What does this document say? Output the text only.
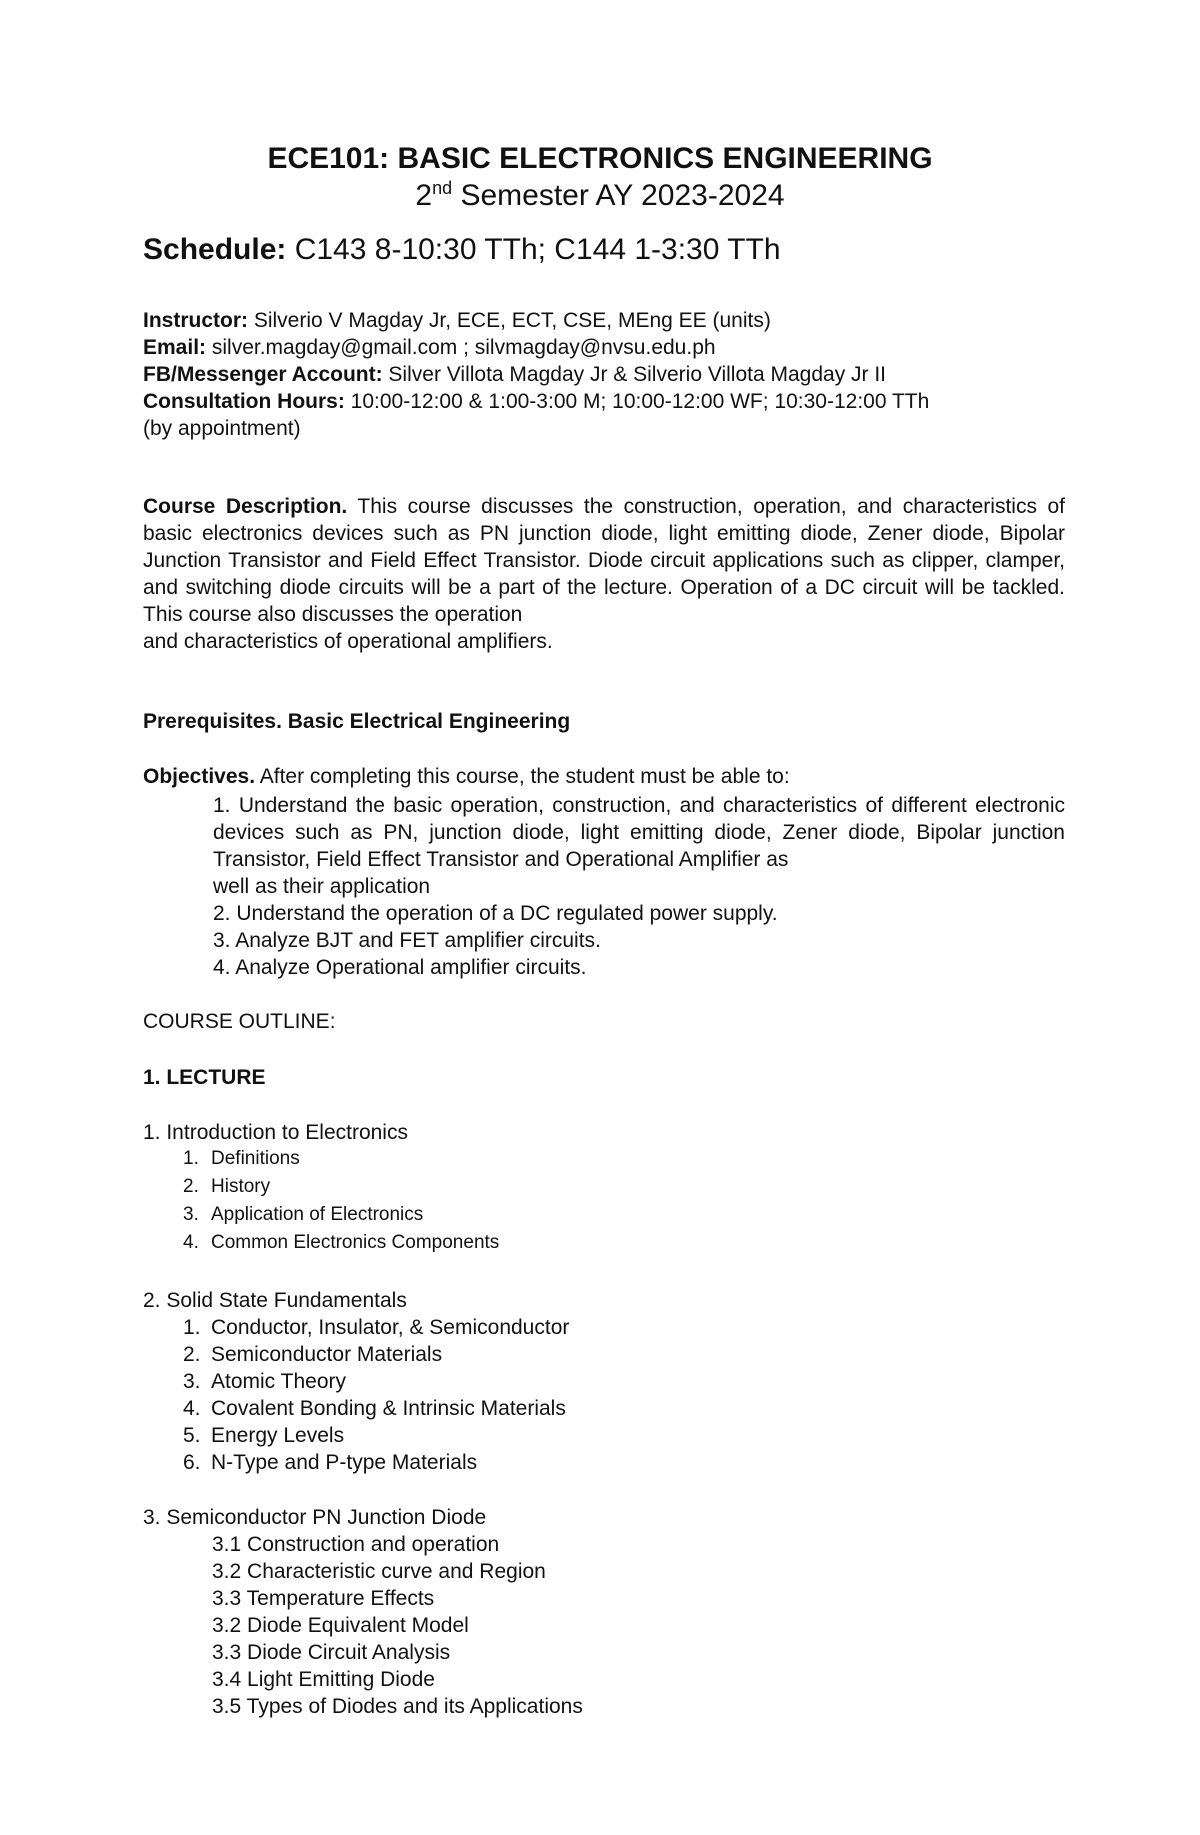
ECE101: BASIC ELECTRONICS ENGINEERING
2nd Semester AY 2023-2024
Schedule: C143 8-10:30 TTh; C144 1-3:30 TTh
Instructor: Silverio V Magday Jr, ECE, ECT, CSE, MEng EE (units)
Email: silver.magday@gmail.com ; silvmagday@nvsu.edu.ph
FB/Messenger Account: Silver Villota Magday Jr & Silverio Villota Magday Jr II
Consultation Hours: 10:00-12:00 & 1:00-3:00 M; 10:00-12:00 WF; 10:30-12:00 TTh
(by appointment)
Course Description. This course discusses the construction, operation, and characteristics of basic electronics devices such as PN junction diode, light emitting diode, Zener diode, Bipolar Junction Transistor and Field Effect Transistor. Diode circuit applications such as clipper, clamper, and switching diode circuits will be a part of the lecture. Operation of a DC circuit will be tackled. This course also discusses the operation
and characteristics of operational amplifiers.
Prerequisites. Basic Electrical Engineering
Objectives. After completing this course, the student must be able to:
1. Understand the basic operation, construction, and characteristics of different electronic devices such as PN, junction diode, light emitting diode, Zener diode, Bipolar junction Transistor, Field Effect Transistor and Operational Amplifier as
well as their application
2. Understand the operation of a DC regulated power supply.
3. Analyze BJT and FET amplifier circuits.
4. Analyze Operational amplifier circuits.
COURSE OUTLINE:
1. LECTURE
1. Introduction to Electronics
1. Definitions
2. History
3. Application of Electronics
4. Common Electronics Components
2. Solid State Fundamentals
1. Conductor, Insulator, & Semiconductor
2. Semiconductor Materials
3. Atomic Theory
4. Covalent Bonding & Intrinsic Materials
5. Energy Levels
6. N-Type and P-type Materials
3. Semiconductor PN Junction Diode
3.1 Construction and operation
3.2 Characteristic curve and Region
3.3 Temperature Effects
3.2 Diode Equivalent Model
3.3 Diode Circuit Analysis
3.4 Light Emitting Diode
3.5 Types of Diodes and its Applications
